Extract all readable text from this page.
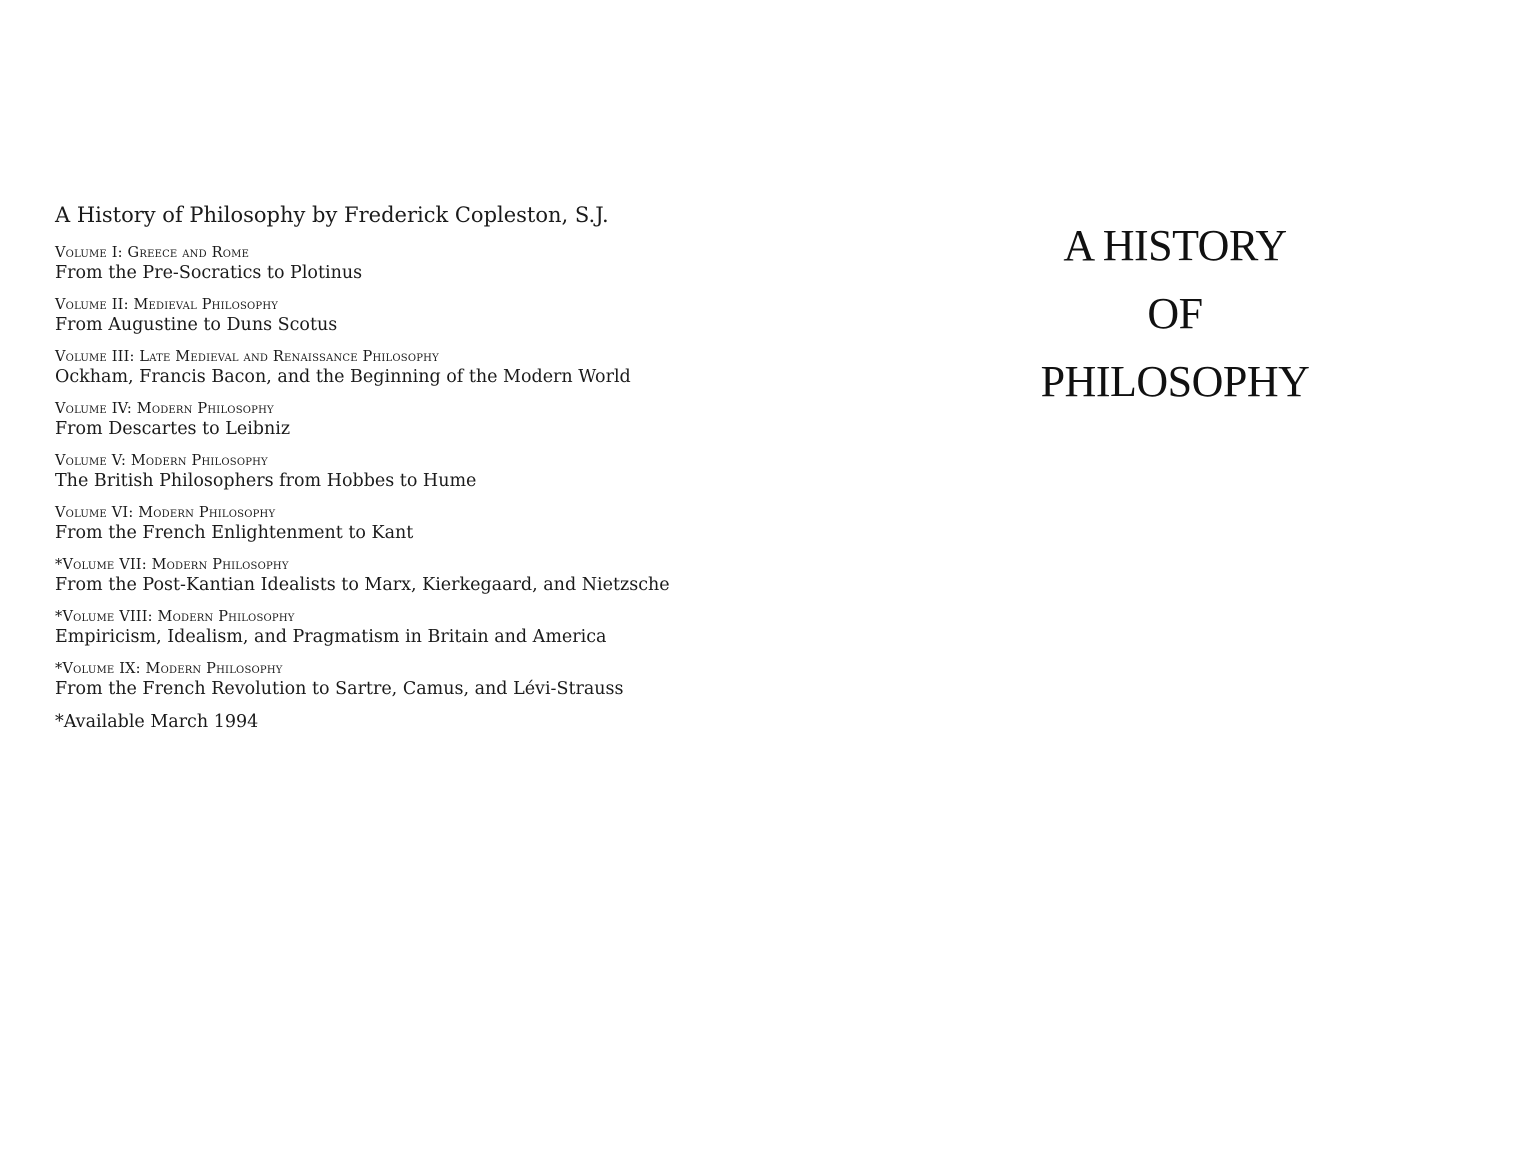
A History of Philosophy by Frederick Copleston, S.J.
Volume I: Greece and Rome
From the Pre-Socratics to Plotinus
Volume II: Medieval Philosophy
From Augustine to Duns Scotus
Volume III: Late Medieval and Renaissance Philosophy
Ockham, Francis Bacon, and the Beginning of the Modern World
Volume IV: Modern Philosophy
From Descartes to Leibniz
Volume V: Modern Philosophy
The British Philosophers from Hobbes to Hume
Volume VI: Modern Philosophy
From the French Enlightenment to Kant
*Volume VII: Modern Philosophy
From the Post-Kantian Idealists to Marx, Kierkegaard, and Nietzsche
*Volume VIII: Modern Philosophy
Empiricism, Idealism, and Pragmatism in Britain and America
*Volume IX: Modern Philosophy
From the French Revolution to Sartre, Camus, and Lévi-Strauss
*Available March 1994
A HISTORY
OF
PHILOSOPHY
